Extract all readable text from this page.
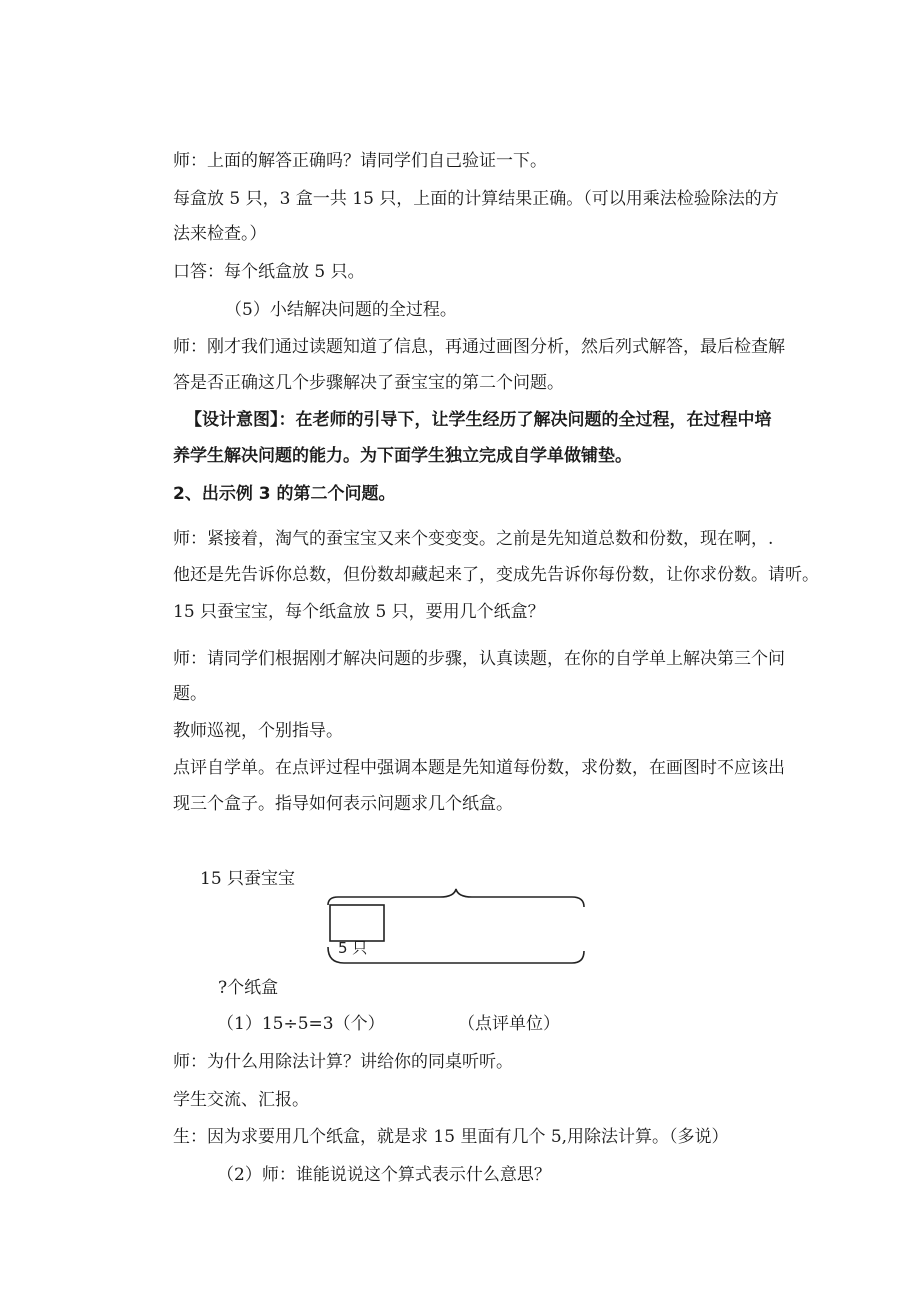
师：上面的解答正确吗？请同学们自己验证一下。
每盒放 5 只，3 盒一共 15 只，上面的计算结果正确。（可以用乘法检验除法的方
法来检查。）
口答：每个纸盒放 5 只。
（5）小结解决问题的全过程。
师：刚才我们通过读题知道了信息，再通过画图分析，然后列式解答，最后检查解
答是否正确这几个步骤解决了蚕宝宝的第二个问题。
【设计意图】：在老师的引导下，让学生经历了解决问题的全过程，在过程中培
养学生解决问题的能力。为下面学生独立完成自学单做铺垫。
2、出示例 3 的第二个问题。
师：紧接着，淘气的蚕宝宝又来个变变变。之前是先知道总数和份数，现在啊，.
他还是先告诉你总数，但份数却藏起来了，变成先告诉你每份数，让你求份数。请听。
15 只蚕宝宝，每个纸盒放 5 只，要用几个纸盒？
师：请同学们根据刚才解决问题的步骤，认真读题，在你的自学单上解决第三个问
题。
教师巡视，个别指导。
点评自学单。在点评过程中强调本题是先知道每份数，求份数，在画图时不应该出
现三个盒子。指导如何表示问题求几个纸盒。
15 只蚕宝宝
5 只
?个纸盒
（1）15÷5=3（个）	（点评单位）
师：为什么用除法计算？讲给你的同桌听听。
学生交流、汇报。
生：因为求要用几个纸盒，就是求 15 里面有几个 5,用除法计算。（多说）
（2）师：谁能说说这个算式表示什么意思？
